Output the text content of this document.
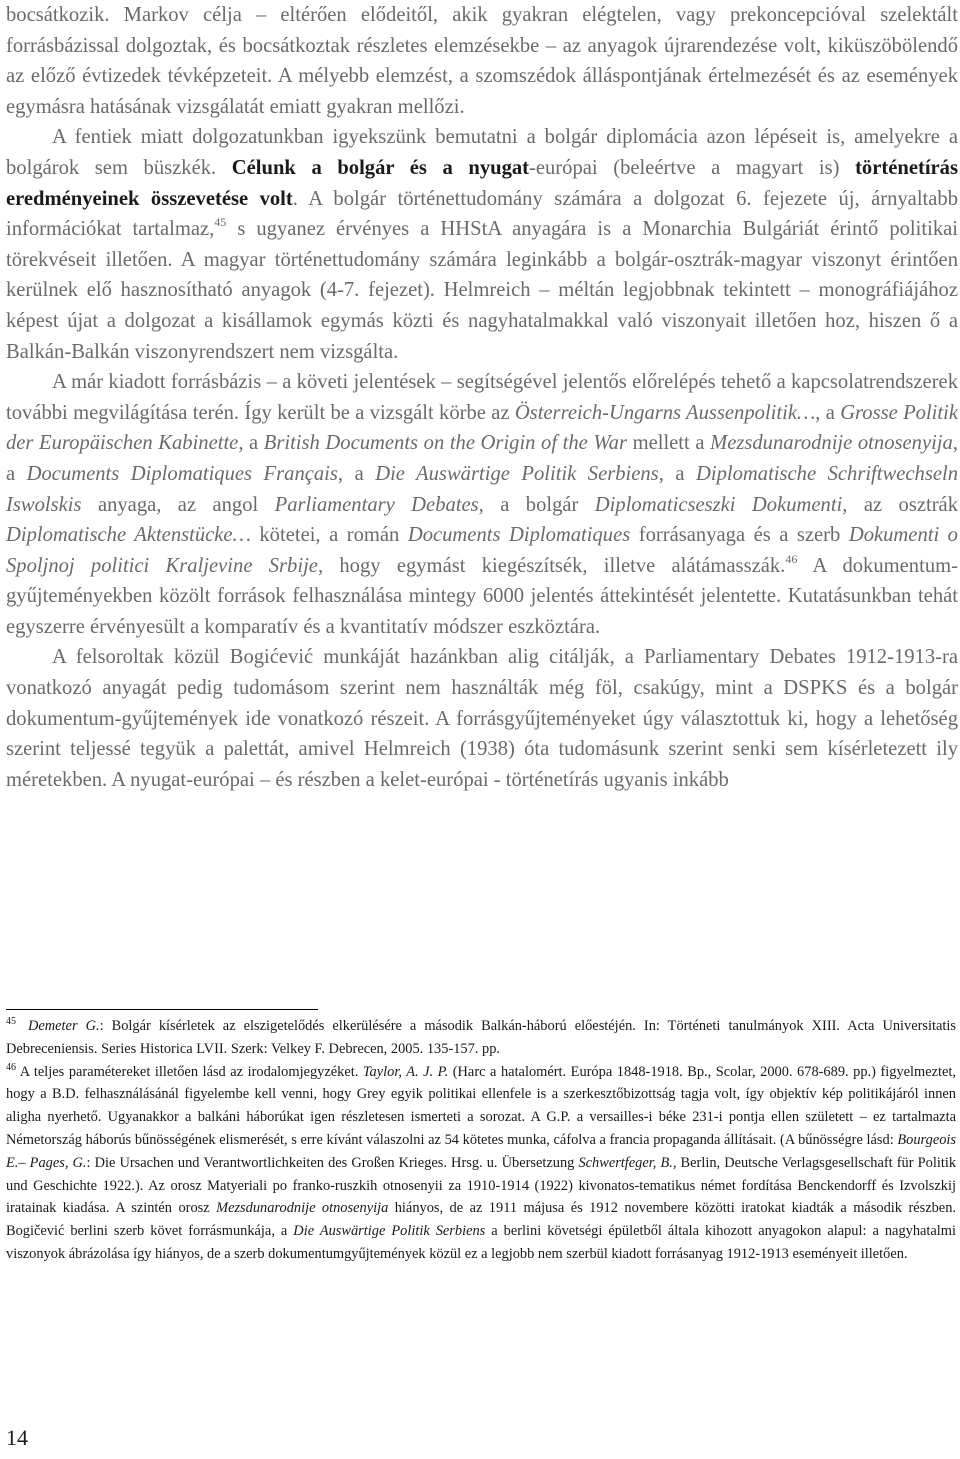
bocsátkozik. Markov célja – eltérően elődeitől, akik gyakran elégtelen, vagy prekoncepcióval szelektált forrásbázissal dolgoztak, és bocsátkoztak részletes elemzésekbe – az anyagok újrarendezése volt, kiküszöbölendő az előző évtizedek tévképzeteit. A mélyebb elemzést, a szomszédok álláspontjának értelmezését és az események egymásra hatásának vizsgálatát emiatt gyakran mellőzi.

A fentiek miatt dolgozatunkban igyekszünk bemutatni a bolgár diplomácia azon lépéseit is, amelyekre a bolgárok sem büszkék. Célunk a bolgár és a nyugat-európai (beleértve a magyart is) történetírás eredményeinek összevetése volt. A bolgár történettudomány számára a dolgozat 6. fejezete új, árnyaltabb információkat tartalmaz,$^{45}$ s ugyanez érvényes a HHStA anyagára is a Monarchia Bulgáriát érintő politikai törekvéseit illetően. A magyar történettudomány számára leginkább a bolgár-osztrák-magyar viszonyt érintően kerülnek elő hasznosítható anyagok (4-7. fejezet). Helmreich – méltán legjobbnak tekintett – monográfiájához képest újat a dolgozat a kisállamok egymás közti és nagyhatalmakkal való viszonyait illetően hoz, hiszen ő a Balkán-Balkán viszonyrendszert nem vizsgálta.

A már kiadott forrásbázis – a követi jelentések – segítségével jelentős előrelépés tehető a kapcsolatrendszerek további megvilágítása terén. Így került be a vizsgált körbe az Österreich-Ungarns Aussenpolitik…, a Grosse Politik der Europäischen Kabinette, a British Documents on the Origin of the War mellett a Mezsdunarodnije otnosenyija, a Documents Diplomatiques Français, a Die Auswärtige Politik Serbiens, a Diplomatische Schriftwechseln Iswolskis anyaga, az angol Parliamentary Debates, a bolgár Diplomaticseszki Dokumenti, az osztrák Diplomatische Aktenstücke… kötetei, a román Documents Diplomatiques forrásanyaga és a szerb Dokumenti o Spoljnoj politici Kraljevine Srbije, hogy egymást kiegészítsék, illetve alátámasszák.$^{46}$ A dokumentum-gyűjteményekben közölt források felhasználása mintegy 6000 jelentés áttekintését jelentette. Kutatásunkban tehát egyszerre érvényesült a komparatív és a kvantitatív módszer eszköztára.

A felsoroltak közül Bogićević munkáját hazánkban alig citálják, a Parliamentary Debates 1912-1913-ra vonatkozó anyagát pedig tudomásom szerint nem használták még föl, csakúgy, mint a DSPKS és a bolgár dokumentum-gyűjtemények ide vonatkozó részeit. A forrásgyűjteményeket úgy választottuk ki, hogy a lehetőség szerint teljessé tegyük a palettát, amivel Helmreich (1938) óta tudomásunk szerint senki sem kísérletezett ily méretekben. A nyugat-európai – és részben a kelet-európai - történetírás ugyanis inkább

$^{45}$ Demeter G.: Bolgár kísérletek az elszigetelődés elkerülésére a második Balkán-háború előestéjén. In: Történeti tanulmányok XIII. Acta Universitatis Debreceniensis. Series Historica LVII. Szerk: Velkey F. Debrecen, 2005. 135-157. pp.

$^{46}$ A teljes paramétereket illetően lásd az irodalomjegyzéket. Taylor, A. J. P. (Harc a hatalomért. Európa 1848-1918. Bp., Scolar, 2000. 678-689. pp.) figyelmeztet, hogy a B.D. felhasználásánál figyelembe kell venni, hogy Grey egyik politikai ellenfele is a szerkesztőbizottság tagja volt, így objektív kép politikájáról innen aligha nyerhető. Ugyanakkor a balkáni háborúkat igen részletesen ismerteti a sorozat. A G.P. a versailles-i béke 231-i pontja ellen született – ez tartalmazta Németország háborús bűnösségének elismerését, s erre kívánt válaszolni az 54 kötetes munka, cáfolva a francia propaganda állításait. (A bűnösségre lásd: Bourgeois E.– Pages, G.: Die Ursachen und Verantwortlichkeiten des Großen Krieges. Hrsg. u. Übersetzung Schwertfeger, B., Berlin, Deutsche Verlagsgesellschaft für Politik und Geschichte 1922.). Az orosz Matyeriali po franko-ruszkih otnosenyii za 1910-1914 (1922) kivonatos-tematikus német fordítása Benckendorff és Izvolszkij iratainak kiadása. A szintén orosz Mezsdunarodnije otnosenyija hiányos, de az 1911 májusa és 1912 novembere közötti iratokat kiadták a második részben. Bogičević berlini szerb követ forrásmunkája, a Die Auswärtige Politik Serbiens a berlini követségi épületből általa kihozott anyagokon alapul: a nagyhatalmi viszonyok ábrázolása így hiányos, de a szerb dokumentumgyűjtemények közül ez a legjobb nem szerbül kiadott forrásanyag 1912-1913 eseményeit illetően.

14
